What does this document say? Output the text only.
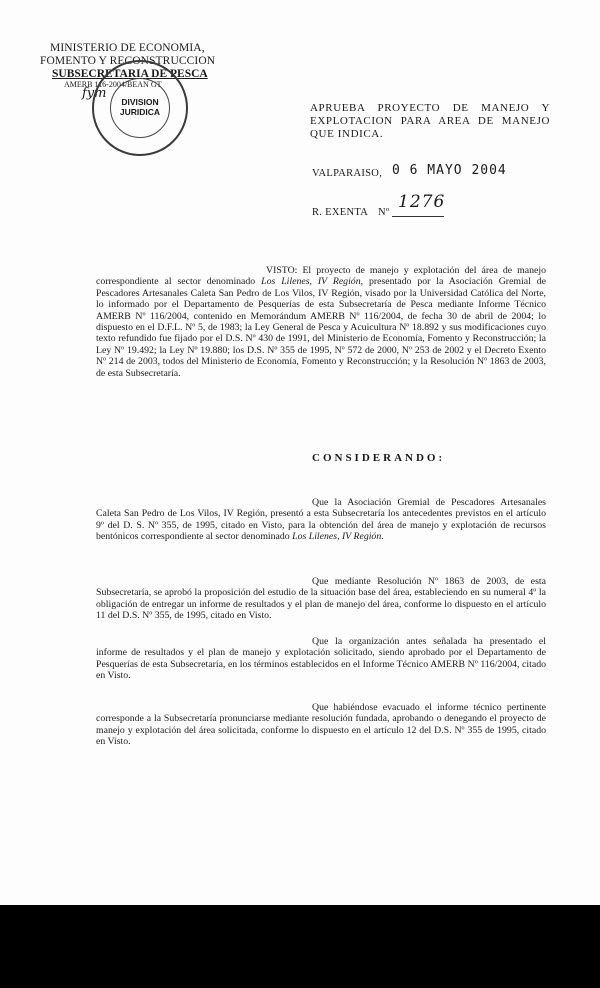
MINISTERIO DE ECONOMIA,
FOMENTO Y RECONSTRUCCION
SUBSECRETARIA DE PESCA
AMERB 116-2004/BEAN GT
fym
DIVISION
JURIDICA	APRUEBA PROYECTO DE MANEJO Y EXPLOTACION PARA AREA DE MANEJO QUE INDICA.
VALPARAISO, 0 6 MAYO 2004
R. EXENTA Nº
1276

VISTO: El proyecto de manejo y explotación del área de manejo correspondiente al sector denominado Los Lilenes, IV Región, presentado por la Asociación Gremial de Pescadores Artesanales Caleta San Pedro de Los Vilos, IV Región, visado por la Universidad Católica del Norte, lo informado por el Departamento de Pesquerías de esta Subsecretaría de Pesca mediante Informe Técnico AMERB Nº 116/2004, contenido en Memorándum AMERB Nº 116/2004, de fecha 30 de abril de 2004; lo dispuesto en el D.F.L. Nº 5, de 1983; la Ley General de Pesca y Acuicultura Nº 18.892 y sus modificaciones cuyo texto refundido fue fijado por el D.S. Nº 430 de 1991, del Ministerio de Economía, Fomento y Reconstrucción; la Ley Nº 19.492; la Ley Nº 19.880; los D.S. Nº 355 de 1995, Nº 572 de 2000, Nº 253 de 2002 y el Decreto Exento Nº 214 de 2003, todos del Ministerio de Economía, Fomento y Reconstrucción; y la Resolución Nº 1863 de 2003, de esta Subsecretaría.

CONSIDERANDO:

Que la Asociación Gremial de Pescadores Artesanales Caleta San Pedro de Los Vilos, IV Región, presentó a esta Subsecretaría los antecedentes previstos en el artículo 9º del D. S. Nº 355, de 1995, citado en Visto, para la obtención del área de manejo y explotación de recursos bentónicos correspondiente al sector denominado Los Lilenes, IV Región.

Que mediante Resolución Nº 1863 de 2003, de esta Subsecretaría, se aprobó la proposición del estudio de la situación base del área, estableciendo en su numeral 4º la obligación de entregar un informe de resultados y el plan de manejo del área, conforme lo dispuesto en el artículo 11 del D.S. Nº 355, de 1995, citado en Visto.

Que la organización antes señalada ha presentado el informe de resultados y el plan de manejo y explotación solicitado, siendo aprobado por el Departamento de Pesquerías de esta Subsecretaría, en los términos establecidos en el Informe Técnico AMERB Nº 116/2004, citado en Visto.

Que habiéndose evacuado el informe técnico pertinente corresponde a la Subsecretaría pronunciarse mediante resolución fundada, aprobando o denegando el proyecto de manejo y explotación del área solicitada, conforme lo dispuesto en el artículo 12 del D.S. Nº 355 de 1995, citado en Visto.
